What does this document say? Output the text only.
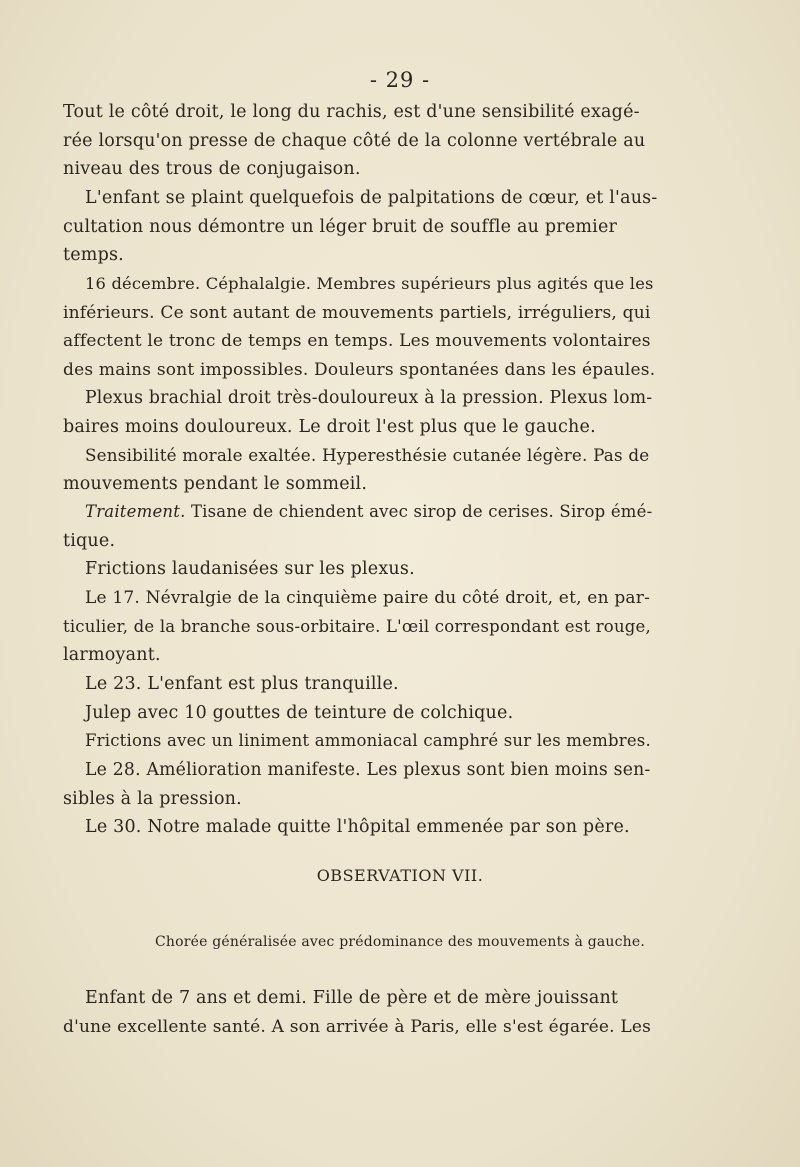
- 29 -

Tout le côté droit, le long du rachis, est d'une sensibilité exagé-
rée lorsqu'on presse de chaque côté de la colonne vertébrale au
niveau des trous de conjugaison.

L'enfant se plaint quelquefois de palpitations de cœur, et l'aus-
cultation nous démontre un léger bruit de souffle au premier
temps.

16 décembre. Céphalalgie. Membres supérieurs plus agités que les
inférieurs. Ce sont autant de mouvements partiels, irréguliers, qui
affectent le tronc de temps en temps. Les mouvements volontaires
des mains sont impossibles. Douleurs spontanées dans les épaules.

Plexus brachial droit très-douloureux à la pression. Plexus lom-
baires moins douloureux. Le droit l'est plus que le gauche.

Sensibilité morale exaltée. Hyperesthésie cutanée légère. Pas de
mouvements pendant le sommeil.

Traitement. Tisane de chiendent avec sirop de cerises. Sirop émé-
tique.

Frictions laudanisées sur les plexus.

Le 17. Névralgie de la cinquième paire du côté droit, et, en par-
ticulier, de la branche sous-orbitaire. L'œil correspondant est rouge,
larmoyant.

Le 23. L'enfant est plus tranquille.
Julep avec 10 gouttes de teinture de colchique.
Frictions avec un liniment ammoniacal camphré sur les membres.

Le 28. Amélioration manifeste. Les plexus sont bien moins sen-
sibles à la pression.

Le 30. Notre malade quitte l'hôpital emmenée par son père.

OBSERVATION VII.
Chorée généralisée avec prédominance des mouvements à gauche.

Enfant de 7 ans et demi. Fille de père et de mère jouissant
d'une excellente santé. A son arrivée à Paris, elle s'est égarée. Les
